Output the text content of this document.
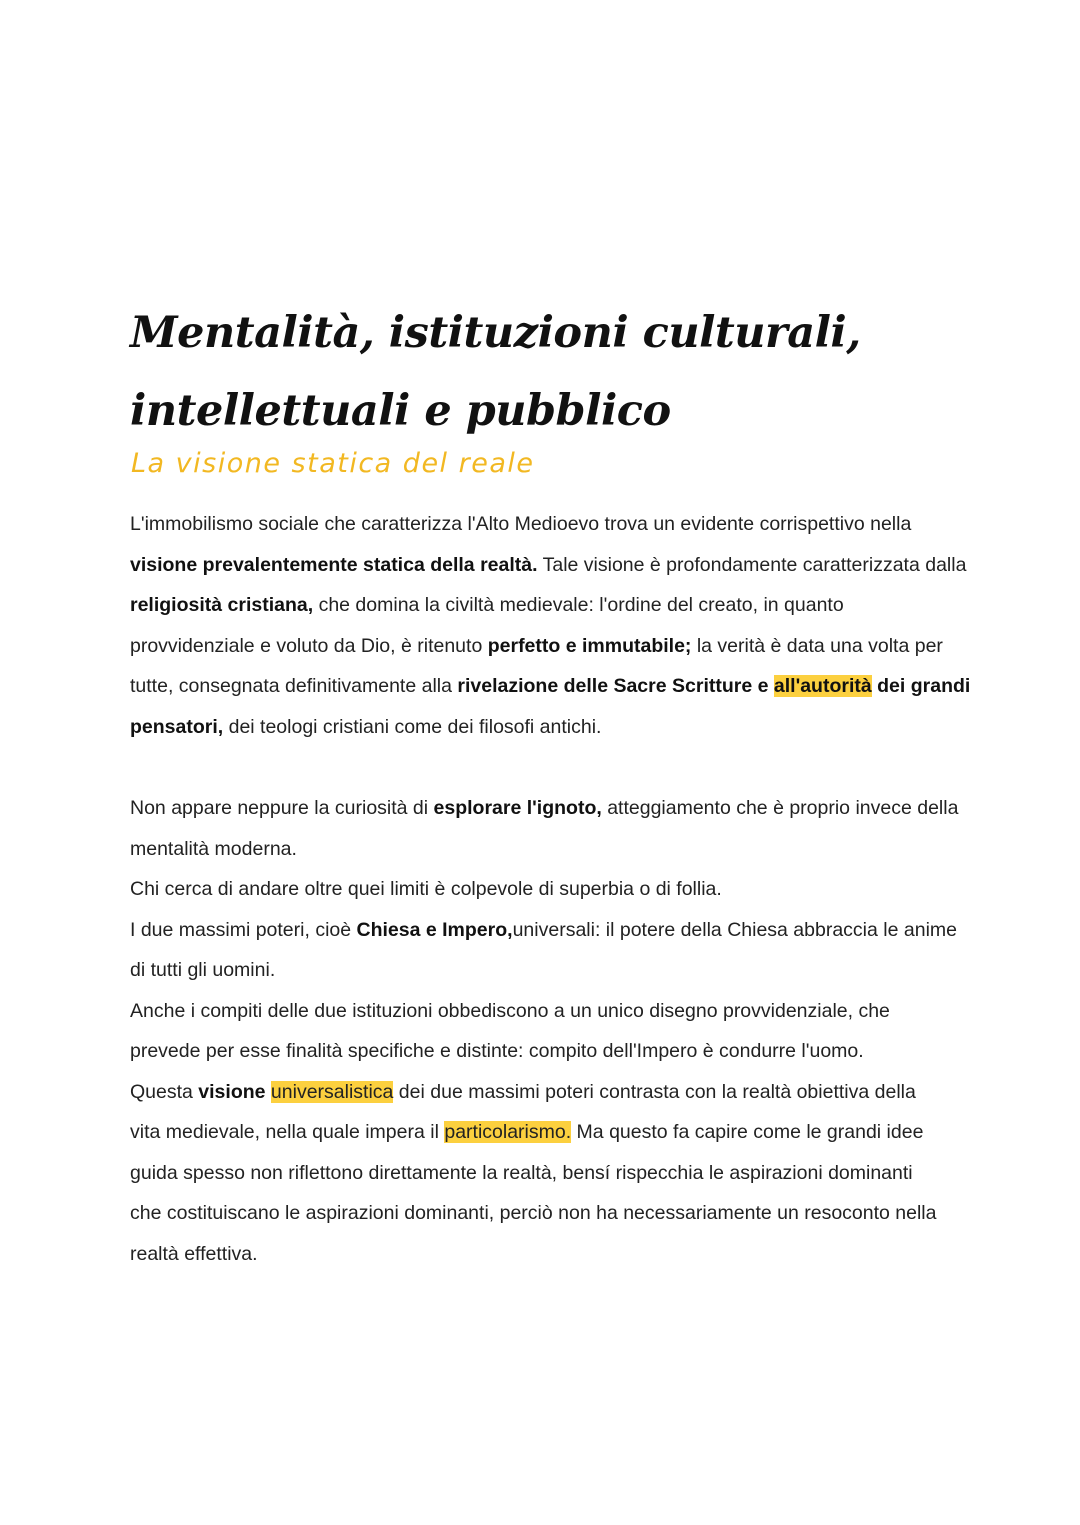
Mentalità, istituzioni culturali,
intellettuali e pubblico
La visione statica del reale
L'immobilismo sociale che caratterizza l'Alto Medioevo trova un evidente corrispettivo nella
visione prevalentemente statica della realtà. Tale visione è profondamente caratterizzata dalla
religiosità cristiana, che domina la civiltà medievale: l'ordine del creato, in quanto
provvidenziale e voluto da Dio, è ritenuto perfetto e immutabile; la verità è data una volta per
tutte, consegnata definitivamente alla rivelazione delle Sacre Scritture e all'autorità dei grandi
pensatori, dei teologi cristiani come dei filosofi antichi.
Non appare neppure la curiosità di esplorare l'ignoto, atteggiamento che è proprio invece della
mentalità moderna.
Chi cerca di andare oltre quei limiti è colpevole di superbia o di follia.
I due massimi poteri, cioè Chiesa e Impero,universali: il potere della Chiesa abbraccia le anime
di tutti gli uomini.
Anche i compiti delle due istituzioni obbediscono a un unico disegno provvidenziale, che
prevede per esse finalità specifiche e distinte: compito dell'Impero è condurre l'uomo.
Questa visione universalistica dei due massimi poteri contrasta con la realtà obiettiva della
vita medievale, nella quale impera il particolarismo. Ma questo fa capire come le grandi idee
guida spesso non riflettono direttamente la realtà, bensí rispecchia le aspirazioni dominanti
che costituiscano le aspirazioni dominanti, perciò non ha necessariamente un resoconto nella
realtà effettiva.
